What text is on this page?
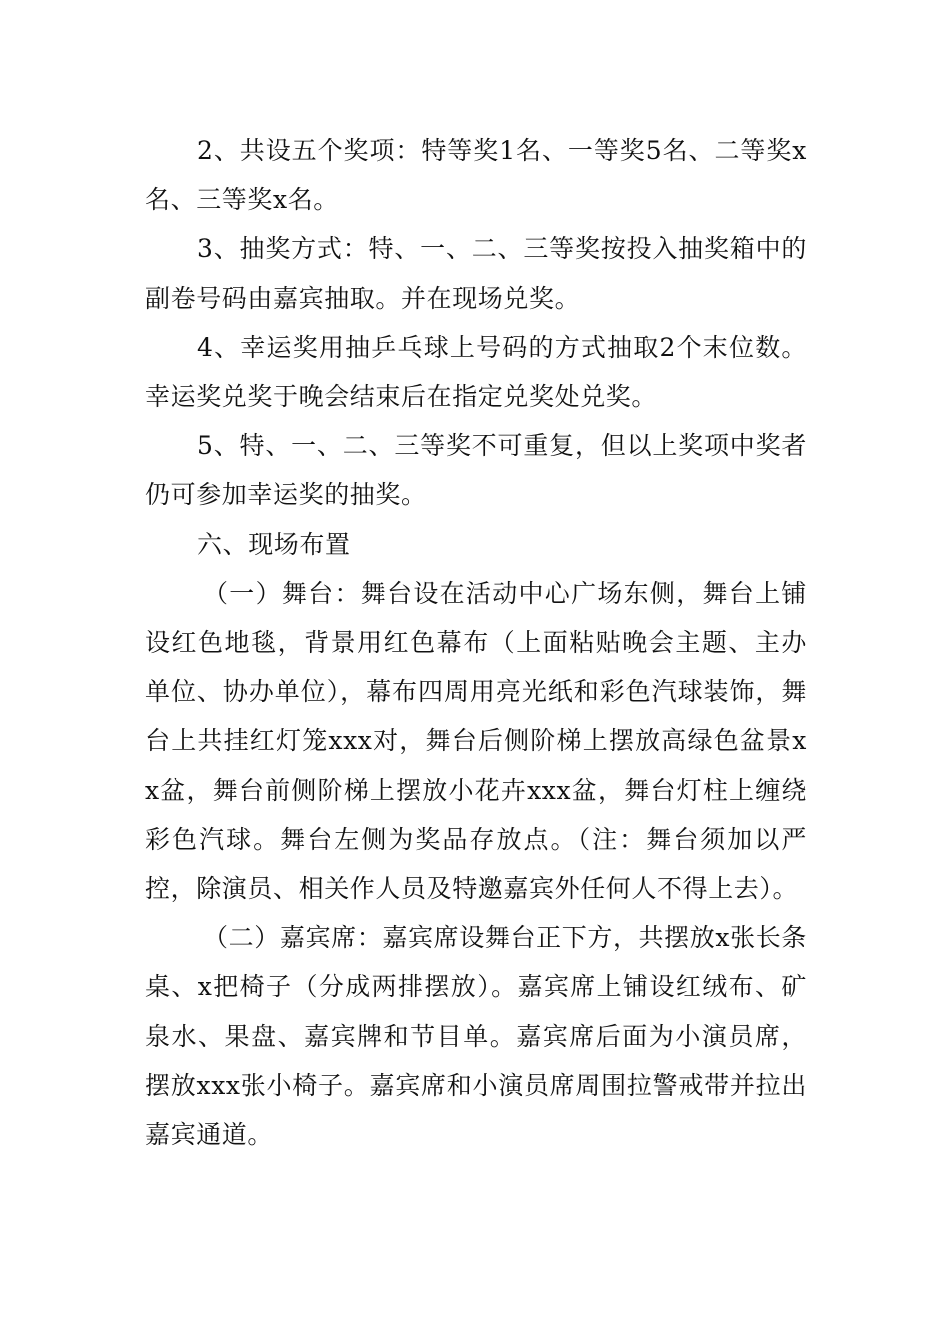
2、共设五个奖项：特等奖1名、一等奖5名、二等奖x名、三等奖x名。

3、抽奖方式：特、一、二、三等奖按投入抽奖箱中的副卷号码由嘉宾抽取。并在现场兑奖。

4、幸运奖用抽乒乓球上号码的方式抽取2个末位数。幸运奖兑奖于晚会结束后在指定兑奖处兑奖。

5、特、一、二、三等奖不可重复，但以上奖项中奖者仍可参加幸运奖的抽奖。

六、现场布置

（一）舞台：舞台设在活动中心广场东侧，舞台上铺设红色地毯，背景用红色幕布（上面粘贴晚会主题、主办单位、协办单位），幕布四周用亮光纸和彩色汽球装饰，舞台上共挂红灯笼xxx对，舞台后侧阶梯上摆放高绿色盆景xx盆，舞台前侧阶梯上摆放小花卉xxx盆，舞台灯柱上缠绕彩色汽球。舞台左侧为奖品存放点。（注：舞台须加以严控，除演员、相关作人员及特邀嘉宾外任何人不得上去）。

（二）嘉宾席：嘉宾席设舞台正下方，共摆放x张长条桌、x把椅子（分成两排摆放）。嘉宾席上铺设红绒布、矿泉水、果盘、嘉宾牌和节目单。嘉宾席后面为小演员席，摆放xxx张小椅子。嘉宾席和小演员席周围拉警戒带并拉出嘉宾通道。
